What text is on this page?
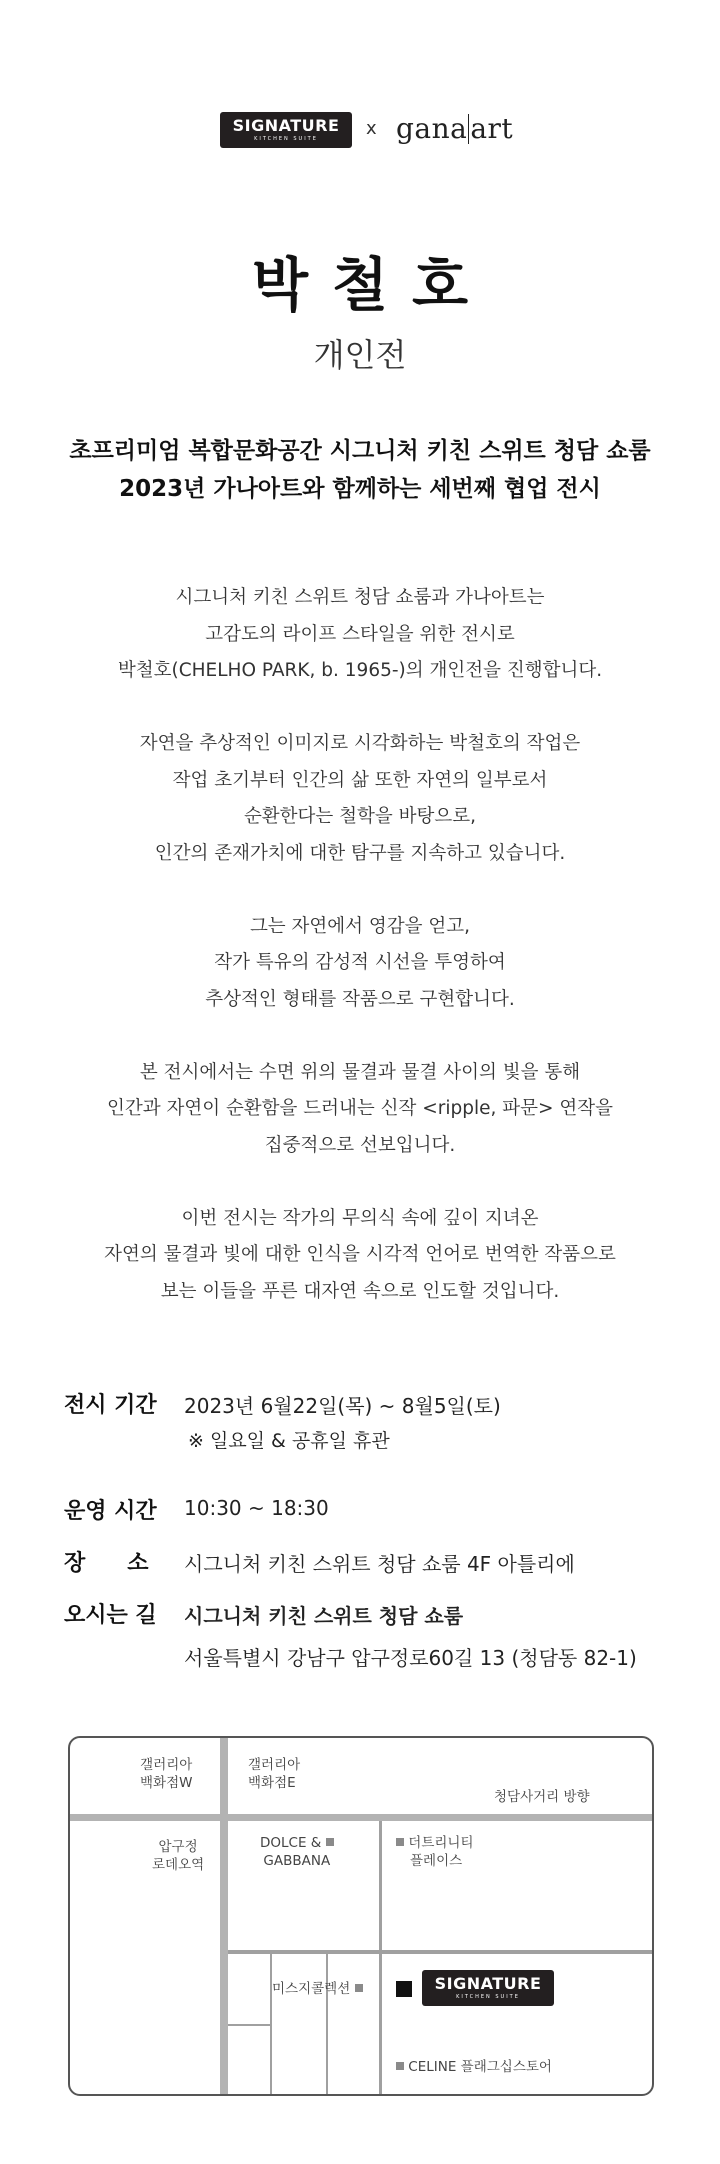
SIGNATURE
KITCHEN SUITE	x gana art
박철호
개인전
초프리미엄 복합문화공간 시그니처 키친 스위트 청담 쇼룸
2023년 가나아트와 함께하는 세번째 협업 전시

시그니처 키친 스위트 청담 쇼룸과 가나아트는
고감도의 라이프 스타일을 위한 전시로
박철호(CHELHO PARK, b. 1965-)의 개인전을 진행합니다.

자연을 추상적인 이미지로 시각화하는 박철호의 작업은
작업 초기부터 인간의 삶 또한 자연의 일부로서
순환한다는 철학을 바탕으로,
인간의 존재가치에 대한 탐구를 지속하고 있습니다.

그는 자연에서 영감을 얻고,
작가 특유의 감성적 시선을 투영하여
추상적인 형태를 작품으로 구현합니다.

본 전시에서는 수면 위의 물결과 물결 사이의 빛을 통해
인간과 자연이 순환함을 드러내는 신작 <ripple, 파문> 연작을
집중적으로 선보입니다.

이번 전시는 작가의 무의식 속에 깊이 지녀온
자연의 물결과 빛에 대한 인식을 시각적 언어로 번역한 작품으로
보는 이들을 푸른 대자연 속으로 인도할 것입니다.

전시 기간 2023년 6월22일(목) ~ 8월5일(토)
※ 일요일 & 공휴일 휴관
운영 시간 10:30 ~ 18:30
장소
시그니처 키친 스위트 청담 쇼룸 4F 아틀리에
오시는 길 시그니처 키친 스위트 청담 쇼룸
서울특별시 강남구 압구정로60길 13 (청담동 82-1)
갤러리아
백화점W
갤러리아
백화점E
청담사거리 방향
압구정
로데오역
DOLCE &
GABBANA
더트리니티
플레이스
미스지콜렉션	SIGNATURE
KITCHEN SUITE
CELINE 플래그십스토어
